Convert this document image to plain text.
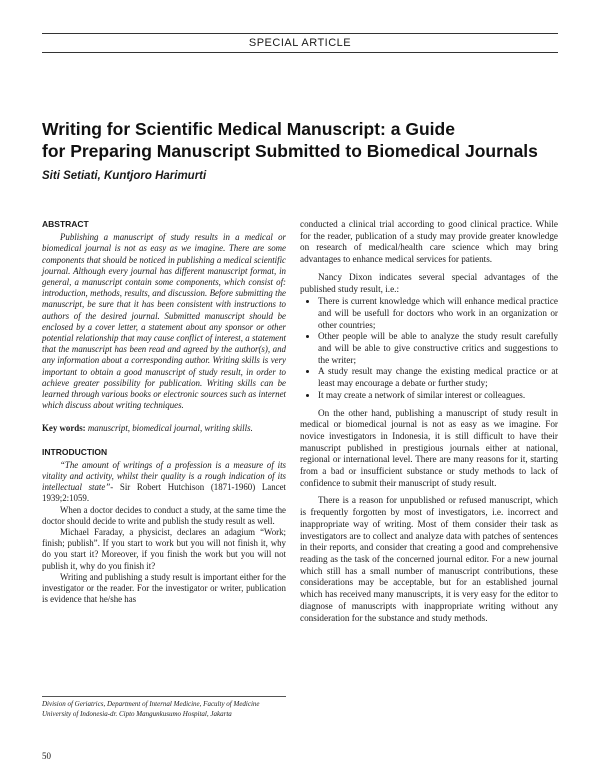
SPECIAL ARTICLE
Writing for Scientific Medical Manuscript: a Guide
for Preparing Manuscript Submitted to Biomedical Journals
Siti Setiati, Kuntjoro Harimurti
ABSTRACT

Publishing a manuscript of study results in a medical or biomedical journal is not as easy as we imagine. There are some components that should be noticed in publishing a medical scientific journal. Although every journal has different manuscript format, in general, a manuscript contain some components, which consist of: introduction, methods, results, and discussion. Before submitting the manuscript, be sure that it has been consistent with instructions to authors of the desired journal. Submitted manuscript should be enclosed by a cover letter, a statement about any sponsor or other potential relationship that may cause conflict of interest, a statement that the manuscript has been read and agreed by the author(s), and any information about a corresponding author. Writing skills is very important to obtain a good manuscript of study result, in order to achieve greater possibility for publication. Writing skills can be learned through various books or electronic sources such as internet which discuss about writing techniques.

Key words: manuscript, biomedical journal, writing skills.

INTRODUCTION

“The amount of writings of a profession is a measure of its vitality and activity, whilst their quality is a rough indication of its intellectual state”- Sir Robert Hutchison (1871-1960) Lancet 1939;2:1059.

When a doctor decides to conduct a study, at the same time the doctor should decide to write and publish the study result as well.

Michael Faraday, a physicist, declares an adagium “Work; finish; publish”. If you start to work but you will not finish it, why do you start it? Moreover, if you finish the work but you will not publish it, why do you finish it?

Writing and publishing a study result is important either for the investigator or the reader. For the investigator or writer, publication is evidence that he/she has

Division of Geriatrics, Department of Internal Medicine, Faculty of Medicine University of Indonesia-dr. Cipto Mangunkusumo Hospital, Jakarta

conducted a clinical trial according to good clinical practice. While for the reader, publication of a study may provide greater knowledge on research of medical/health care science which may bring advantages to enhance medical services for patients.

Nancy Dixon indicates several special advantages of the published study result, i.e.:

• There is current knowledge which will enhance medical practice and will be usefull for doctors who work in an organization or other countries;
• Other people will be able to analyze the study result carefully and will be able to give constructive critics and suggestions to the writer;
• A study result may change the existing medical practice or at least may encourage a debate or further study;
• It may create a network of similar interest or colleagues.

On the other hand, publishing a manuscript of study result in medical or biomedical journal is not as easy as we imagine. For novice investigators in Indonesia, it is still difficult to have their manuscript published in prestigious journals either at national, regional or international level. There are many reasons for it, starting from a bad or insufficient substance or study methods to lack of confidence to submit their manuscript of study result.

There is a reason for unpublished or refused manuscript, which is frequently forgotten by most of investigators, i.e. incorrect and inappropriate way of writing. Most of them consider their task as investigators are to collect and analyze data with patches of sentences in their reports, and consider that creating a good and comprehensive reading as the task of the concerned journal editor. For a new journal which still has a small number of manuscript contributions, these considerations may be acceptable, but for an established journal which has received many manuscripts, it is very easy for the editor to diagnose of manuscripts with inappropriate writing without any consideration for the substance and study methods.

50
